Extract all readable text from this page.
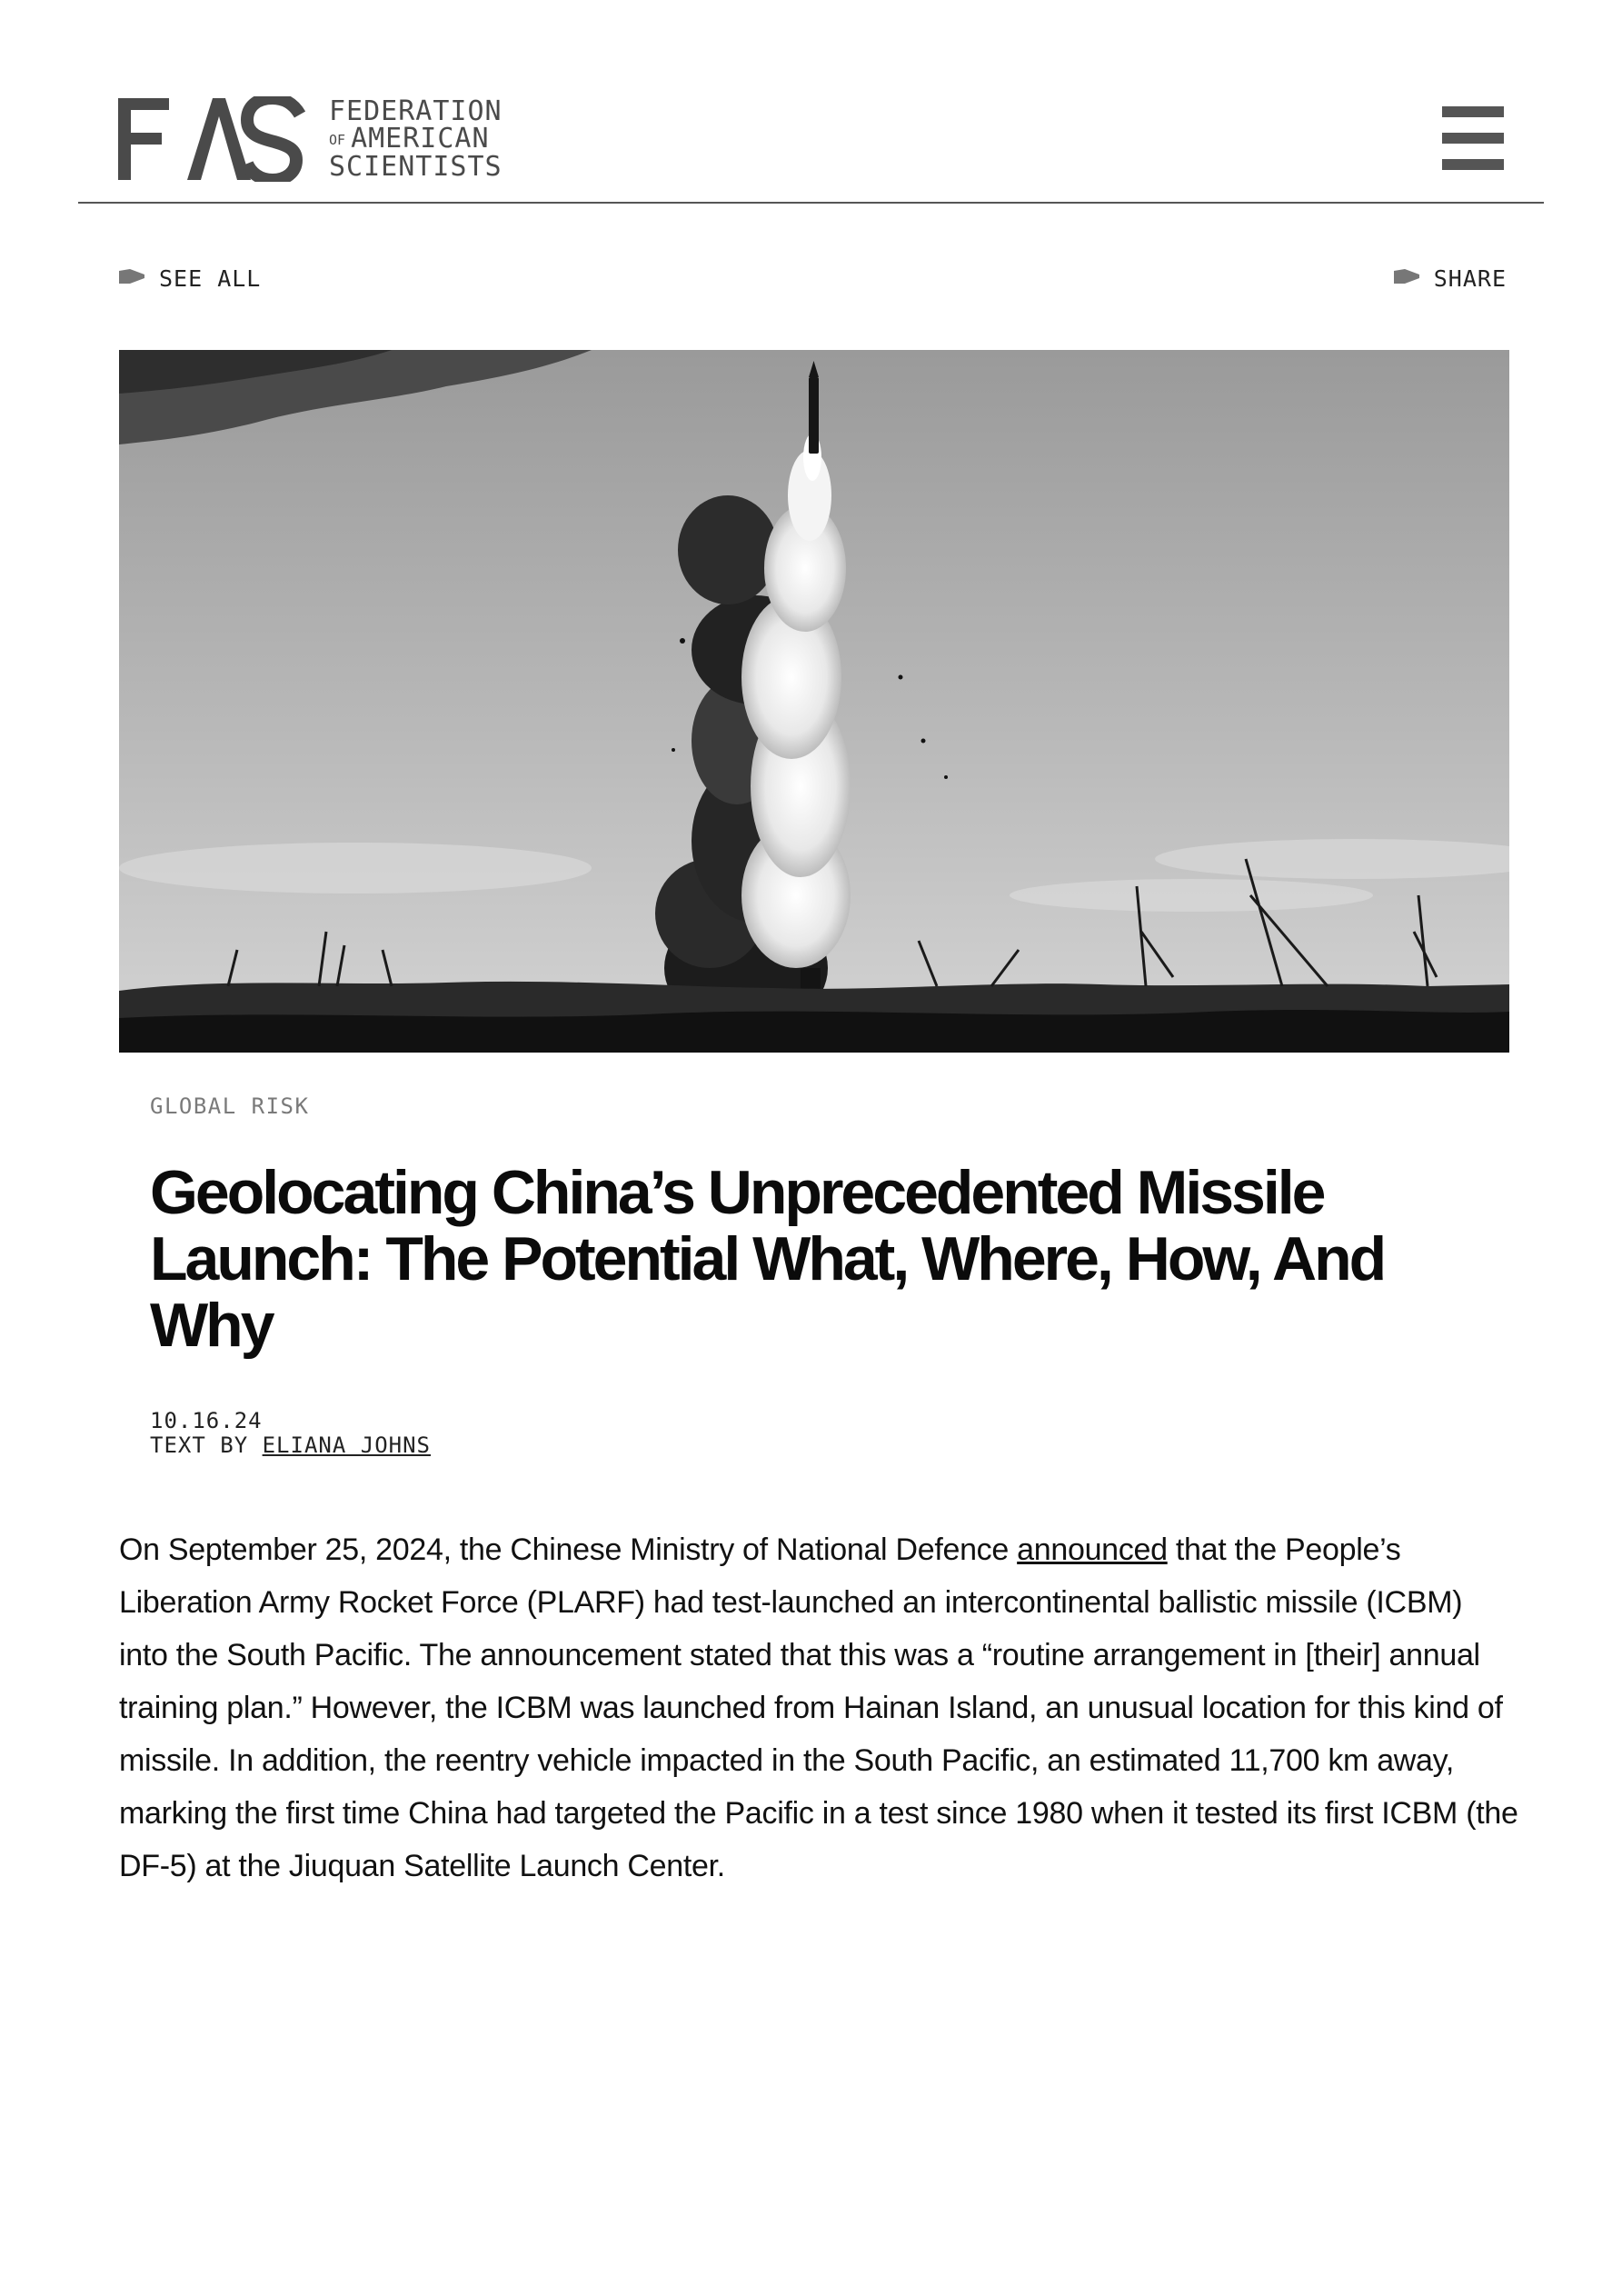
FEDERATION
OF AMERICAN
SCIENTISTS
SEE ALL	SHARE
GLOBAL RISK
Geolocating China’s Unprecedented Missile Launch: The Potential What, Where, How, And Why
10.16.24
TEXT BY ELIANA JOHNS

On September 25, 2024, the Chinese Ministry of National Defence announced that the People’s Liberation Army Rocket Force (PLARF) had test-launched an intercontinental ballistic missile (ICBM) into the South Pacific. The announcement stated that this was a “routine arrangement in [their] annual training plan.” However, the ICBM was launched from Hainan Island, an unusual location for this kind of missile. In addition, the reentry vehicle impacted in the South Pacific, an estimated 11,700 km away, marking the first time China had targeted the Pacific in a test since 1980 when it tested its first ICBM (the DF-5) at the Jiuquan Satellite Launch Center.
